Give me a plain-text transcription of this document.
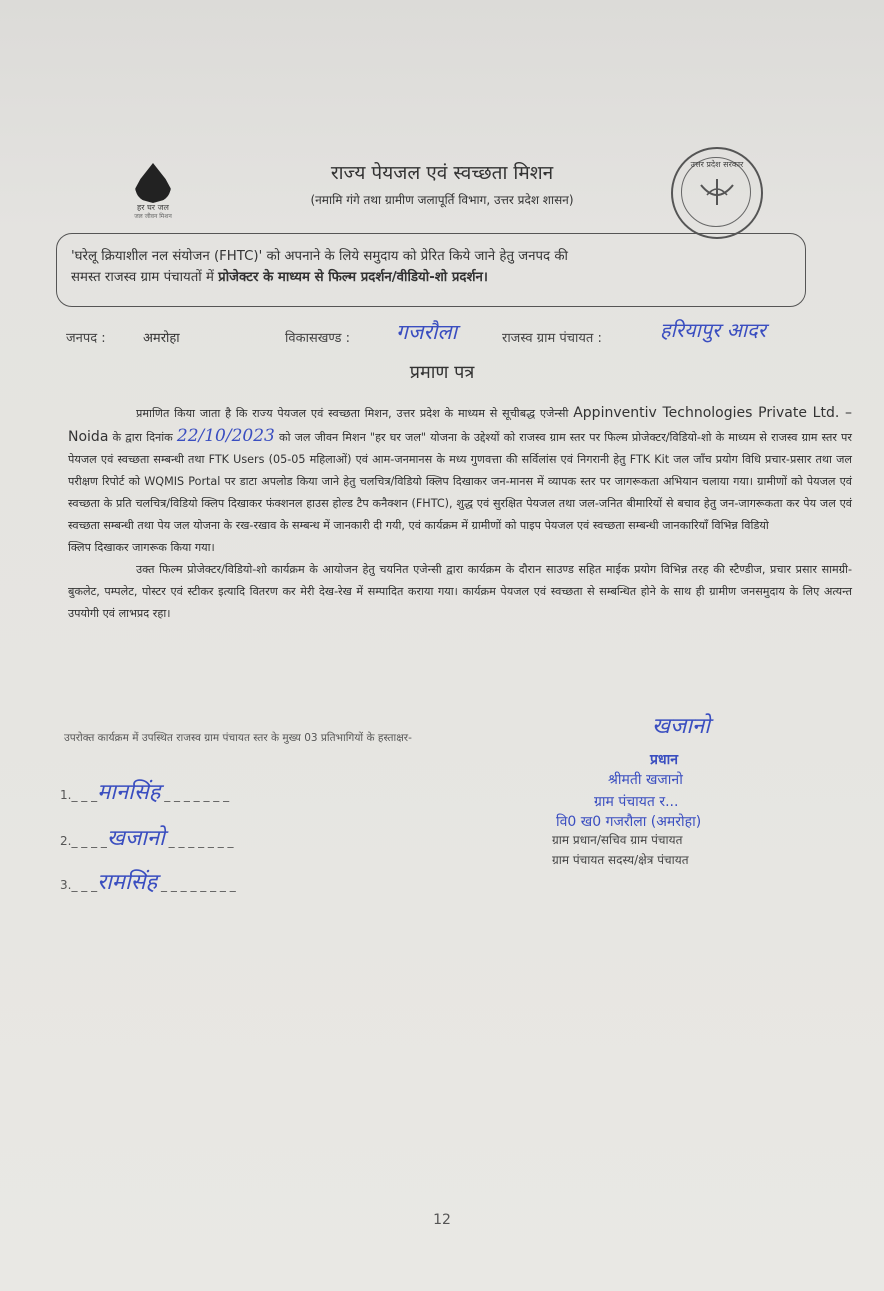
हर घर जल
जल जीवन मिशन
राज्य पेयजल एवं स्वच्छता मिशन
(नमामि गंगे तथा ग्रामीण जलापूर्ति विभाग, उत्तर प्रदेश शासन)
उत्तर प्रदेश सरकार
'घरेलू क्रियाशील नल संयोजन (FHTC)' को अपनाने के लिये समुदाय को प्रेरित किये जाने हेतु जनपद की
समस्त राजस्व ग्राम पंचायतों में प्रोजेक्टर के माध्यम से फिल्म प्रदर्शन/वीडियो-शो प्रदर्शन।
जनपद :	अमरोहा	विकासखण्ड : गजरौला	राजस्व ग्राम पंचायत :	हरियापुर आदर
प्रमाण पत्र

प्रमाणित किया जाता है कि राज्य पेयजल एवं स्वच्छता मिशन, उत्तर प्रदेश के माध्यम से सूचीबद्ध एजेन्सी Appinventiv Technologies Private Ltd. – Noida के द्वारा दिनांक 22/10/2023 को जल जीवन मिशन "हर घर जल" योजना के उद्देश्यों को राजस्व ग्राम स्तर पर फिल्म प्रोजेक्टर/विडियो-शो के माध्यम से राजस्व ग्राम स्तर पर पेयजल एवं स्वच्छता सम्बन्धी तथा FTK Users (05-05 महिलाओं) एवं आम-जनमानस के मध्य गुणवत्ता की सर्विलांस एवं निगरानी हेतु FTK Kit जल जाँच प्रयोग विधि प्रचार-प्रसार तथा जल परीक्षण रिपोर्ट को WQMIS Portal पर डाटा अपलोड किया जाने हेतु चलचित्र/विडियो क्लिप दिखाकर जन-मानस में व्यापक स्तर पर जागरूकता अभियान चलाया गया। ग्रामीणों को पेयजल एवं स्वच्छता के प्रति चलचित्र/विडियो क्लिप दिखाकर फंक्शनल हाउस होल्ड टैप कनैक्शन (FHTC), शुद्ध एवं सुरक्षित पेयजल तथा जल-जनित बीमारियों से बचाव हेतु जन-जागरूकता कर पेय जल एवं स्वच्छता सम्बन्धी तथा पेय जल योजना के रख-रखाव के सम्बन्ध में जानकारी दी गयी, एवं कार्यक्रम में ग्रामीणों को पाइप पेयजल एवं स्वच्छता सम्बन्धी जानकारियाँ विभिन्न विडियो

क्लिप दिखाकर जागरूक किया गया।

उक्त फिल्म प्रोजेक्टर/विडियो-शो कार्यक्रम के आयोजन हेतु चयनित एजेन्सी द्वारा कार्यक्रम के दौरान साउण्ड सहित माईक प्रयोग विभिन्न तरह की स्टैण्डीज, प्रचार प्रसार सामग्री-बुकलेट, पम्पलेट, पोस्टर एवं स्टीकर इत्यादि वितरण कर मेरी देख-रेख में सम्पादित कराया गया। कार्यक्रम पेयजल एवं स्वच्छता से सम्बन्धित होने के साथ ही ग्रामीण जनसमुदाय के लिए अत्यन्त उपयोगी एवं लाभप्रद रहा।

उपरोक्त कार्यक्रम में उपस्थित राजस्व ग्राम पंचायत स्तर के मुख्य 03 प्रतिभागियों के हस्ताक्षर-
1._ _ _मानसिंह _ _ _ _ _ _ _
2._ _ _ _खजानो _ _ _ _ _ _ _
3._ _ _रामसिंह _ _ _ _ _ _ _ _
खजानो
प्रधान
श्रीमती खजानो
ग्राम पंचायत र...
वि0 ख0 गजरौला (अमरोहा)
ग्राम प्रधान/सचिव ग्राम पंचायत
ग्राम पंचायत सदस्य/क्षेत्र पंचायत
12
